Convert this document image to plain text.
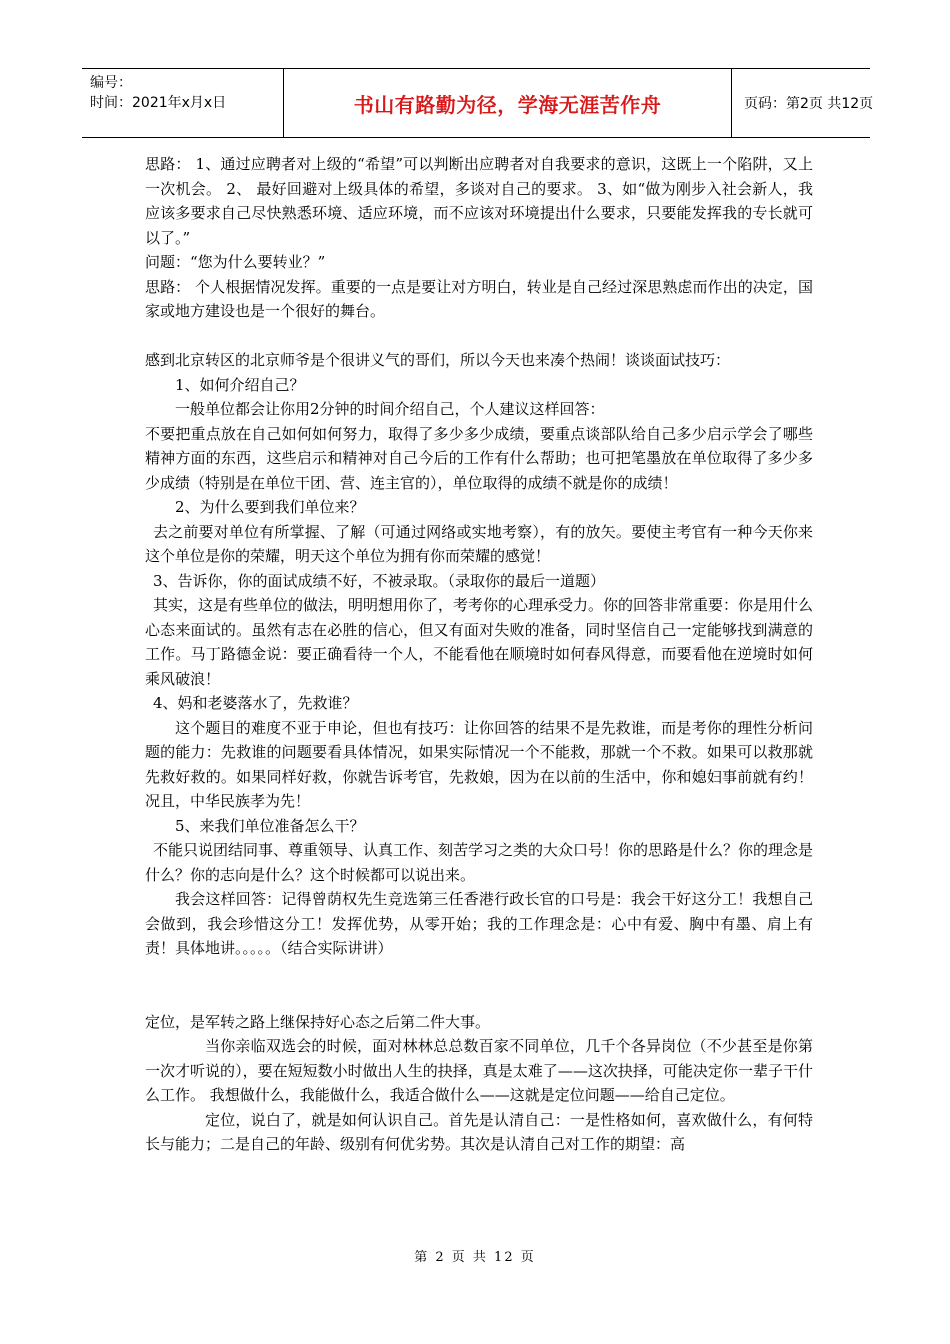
编号：
时间：2021年x月x日	书山有路勤为径，学海无涯苦作舟	页码：第2页 共12页

思路： 1、通过应聘者对上级的“希望”可以判断出应聘者对自我要求的意识，这既上一个陷阱，又上一次机会。 2、 最好回避对上级具体的希望，多谈对自己的要求。 3、如“做为刚步入社会新人，我应该多要求自己尽快熟悉环境、适应环境，而不应该对环境提出什么要求，只要能发挥我的专长就可以了。”

问题：“您为什么要转业？”

思路： 个人根据情况发挥。重要的一点是要让对方明白，转业是自己经过深思熟虑而作出的决定，国家或地方建设也是一个很好的舞台。

感到北京转区的北京师爷是个很讲义气的哥们，所以今天也来凑个热闹！谈谈面试技巧：

1、如何介绍自己？

一般单位都会让你用2分钟的时间介绍自己，个人建议这样回答：

不要把重点放在自己如何如何努力，取得了多少多少成绩，要重点谈部队给自己多少启示学会了哪些精神方面的东西，这些启示和精神对自己今后的工作有什么帮助；也可把笔墨放在单位取得了多少多少成绩（特别是在单位干团、营、连主官的），单位取得的成绩不就是你的成绩！

2、为什么要到我们单位来？

去之前要对单位有所掌握、了解（可通过网络或实地考察），有的放矢。要使主考官有一种今天你来这个单位是你的荣耀，明天这个单位为拥有你而荣耀的感觉！

3、告诉你，你的面试成绩不好，不被录取。（录取你的最后一道题）

其实，这是有些单位的做法，明明想用你了，考考你的心理承受力。你的回答非常重要：你是用什么心态来面试的。虽然有志在必胜的信心，但又有面对失败的准备，同时坚信自己一定能够找到满意的工作。马丁路德金说：要正确看待一个人，不能看他在顺境时如何春风得意，而要看他在逆境时如何乘风破浪！

4、妈和老婆落水了，先救谁？

这个题目的难度不亚于申论，但也有技巧：让你回答的结果不是先救谁，而是考你的理性分析问题的能力：先救谁的问题要看具体情况，如果实际情况一个不能救，那就一个不救。如果可以救那就先救好救的。如果同样好救，你就告诉考官，先救娘，因为在以前的生活中，你和媳妇事前就有约！况且，中华民族孝为先！

5、来我们单位准备怎么干？

不能只说团结同事、尊重领导、认真工作、刻苦学习之类的大众口号！你的思路是什么？你的理念是什么？你的志向是什么？这个时候都可以说出来。

我会这样回答：记得曾荫权先生竞选第三任香港行政长官的口号是：我会干好这分工！我想自己会做到，我会珍惜这分工！发挥优势，从零开始；我的工作理念是：心中有爱、胸中有墨、肩上有责！具体地讲。。。。。（结合实际讲讲）

定位，是军转之路上继保持好心态之后第二件大事。

当你亲临双选会的时候，面对林林总总数百家不同单位，几千个各异岗位（不少甚至是你第一次才听说的），要在短短数小时做出人生的抉择，真是太难了——这次抉择，可能决定你一辈子干什么工作。 我想做什么，我能做什么，我适合做什么——这就是定位问题——给自己定位。

定位，说白了，就是如何认识自己。首先是认清自己：一是性格如何，喜欢做什么，有何特长与能力；二是自己的年龄、级别有何优劣势。其次是认清自己对工作的期望：高

第 2 页 共 12 页
